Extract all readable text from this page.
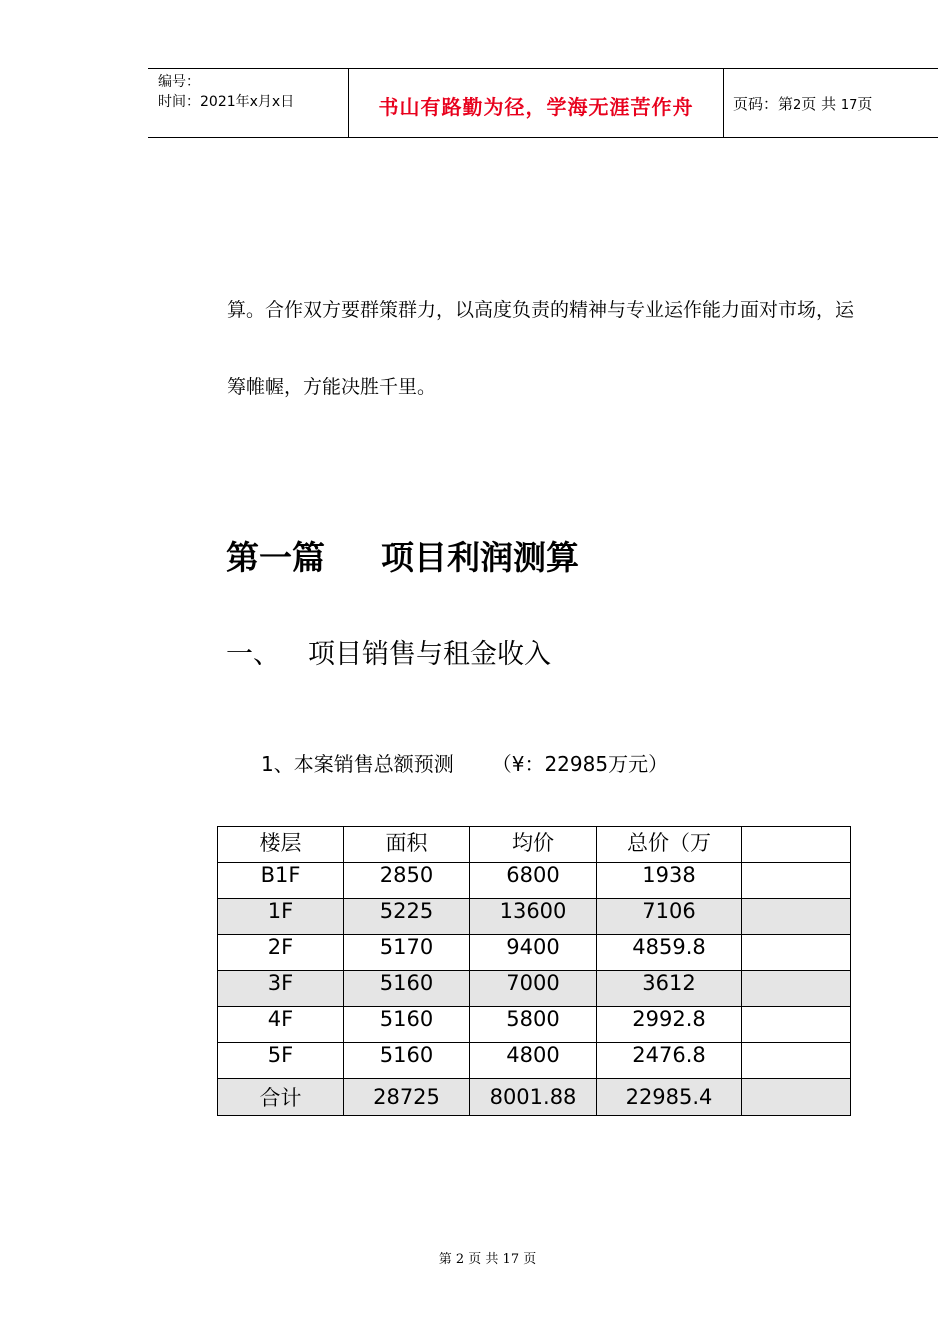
编号：
时间：2021年x月x日	书山有路勤为径，学海无涯苦作舟	页码：第2页 共 17页
算。合作双方要群策群力，以高度负责的精神与专业运作能力面对市场，运
筹帷幄，方能决胜千里。
第一篇 项目利润测算
一、 项目销售与租金收入
1、本案销售总额预测 （¥：22985万元）
楼层	面积	均价	总价（万	
B1F	2850	6800	1938	
1F	5225	13600	7106	
2F	5170	9400	4859.8	
3F	5160	7000	3612	
4F	5160	5800	2992.8	
5F	5160	4800	2476.8	
合计	28725	8001.88	22985.4	
第 2 页 共 17 页
